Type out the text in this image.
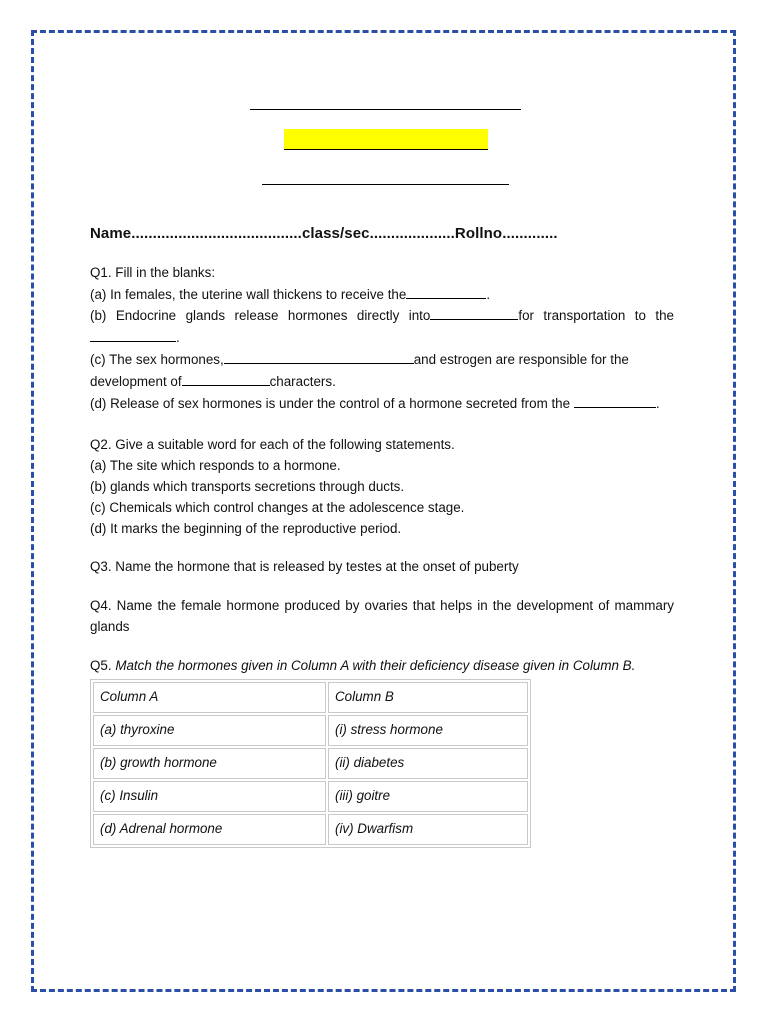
Name........................................class/sec....................Rollno.............

Q1. Fill in the blanks:

(a) In females, the uterine wall thickens to receive the	.

(b) Endocrine glands release hormones directly into	for transportation to the.

(c) The sex hormones,	and estrogen are responsible for the development of	characters.

(d) Release of sex hormones is under the control of a hormone secreted from the	.

Q2. Give a suitable word for each of the following statements.

(a) The site which responds to a hormone.

(b) glands which transports secretions through ducts.

(c) Chemicals which control changes at the adolescence stage.

(d) It marks the beginning of the reproductive period.

Q3. Name the hormone that is released by testes at the onset of puberty

Q4. Name the female hormone produced by ovaries that helps in the development of mammary glands

Q5. Match the hormones given in Column A with their deficiency disease given in Column B.

Column A	Column B
(a) thyroxine	(i) stress hormone
(b) growth hormone	(ii) diabetes
(c) Insulin	(iii) goitre
(d) Adrenal hormone	(iv) Dwarfism
